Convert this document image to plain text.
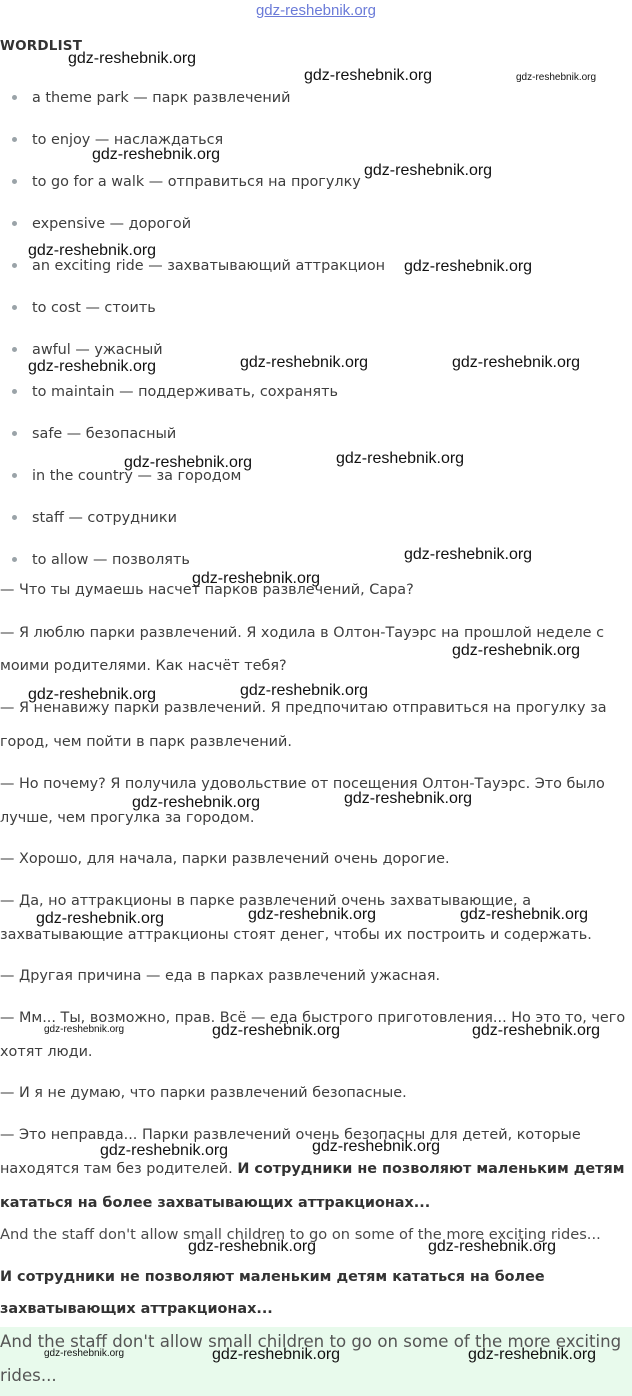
gdz-reshebnik.org
WORDLIST
a theme park — парк развлечений
to enjoy — наслаждаться
to go for a walk — отправиться на прогулку
expensive — дорогой
an exciting ride — захватывающий аттракцион
to cost — стоить
awful — ужасный
to maintain — поддерживать, сохранять
safe — безопасный
in the country — за городом
staff — сотрудники
to allow — позволять
— Что ты думаешь насчет парков развлечений, Сара?
— Я люблю парки развлечений. Я ходила в Олтон-Тауэрс на прошлой неделе с
моими родителями. Как насчёт тебя?
— Я ненавижу парки развлечений. Я предпочитаю отправиться на прогулку за
город, чем пойти в парк развлечений.
— Но почему? Я получила удовольствие от посещения Олтон-Тауэрс. Это было
лучше, чем прогулка за городом.
— Хорошо, для начала, парки развлечений очень дорогие.
— Да, но аттракционы в парке развлечений очень захватывающие, а
захватывающие аттракционы стоят денег, чтобы их построить и содержать.
— Другая причина — еда в парках развлечений ужасная.
— Мм... Ты, возможно, прав. Всё — еда быстрого приготовления... Но это то, чего
хотят люди.
— И я не думаю, что парки развлечений безопасные.
— Это неправда... Парки развлечений очень безопасны для детей, которые
находятся там без родителей. И сотрудники не позволяют маленьким детям
кататься на более захватывающих аттракционах...
And the staff don't allow small children to go on some of the more exciting rides...
И сотрудники не позволяют маленьким детям кататься на более
захватывающих аттракционах...
And the staff don't allow small children to go on some of the more exciting
rides...
gdz-reshebnik.org
gdz-reshebnik.org	gdz-reshebnik.org
gdz-reshebnik.org
gdz-reshebnik.org
gdz-reshebnik.org
gdz-reshebnik.org
gdz-reshebnik.org	gdz-reshebnik.org	gdz-reshebnik.org
gdz-reshebnik.org	gdz-reshebnik.org
gdz-reshebnik.org
gdz-reshebnik.org
gdz-reshebnik.org
gdz-reshebnik.org	gdz-reshebnik.org
gdz-reshebnik.org	gdz-reshebnik.org
gdz-reshebnik.org	gdz-reshebnik.org	gdz-reshebnik.org
gdz-reshebnik.org	gdz-reshebnik.org	gdz-reshebnik.org
gdz-reshebnik.org	gdz-reshebnik.org
gdz-reshebnik.org	gdz-reshebnik.org
gdz-reshebnik.org	gdz-reshebnik.org	gdz-reshebnik.org
